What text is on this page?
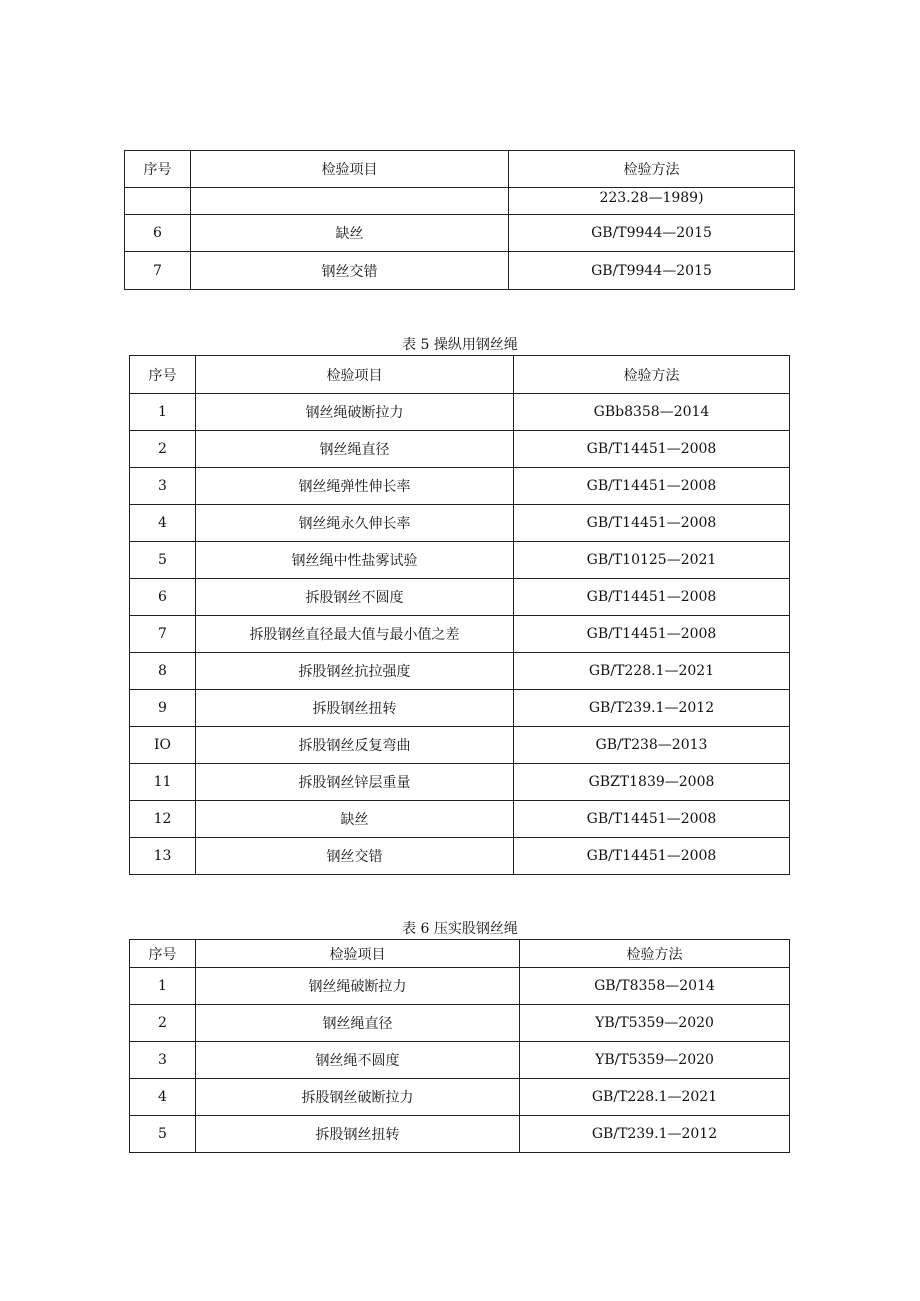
序号	检验项目	检验方法
		223.28—1989)
6	缺丝	GB/T9944—2015
7	钢丝交错	GB/T9944—2015
表 5 操纵用钢丝绳
序号	检验项目	检验方法
1	钢丝绳破断拉力	GBb8358—2014
2	钢丝绳直径	GB/T14451—2008
3	钢丝绳弹性伸长率	GB/T14451—2008
4	钢丝绳永久伸长率	GB/T14451—2008
5	钢丝绳中性盐雾试验	GB/T10125—2021
6	拆股钢丝不圆度	GB/T14451—2008
7	拆股钢丝直径最大值与最小值之差	GB/T14451—2008
8	拆股钢丝抗拉强度	GB/T228.1—2021
9	拆股钢丝扭转	GB/T239.1—2012
IO	拆股钢丝反复弯曲	GB/T238—2013
11	拆股钢丝锌层重量	GBZT1839—2008
12	缺丝	GB/T14451—2008
13	钢丝交错	GB/T14451—2008
表 6 压实股钢丝绳
序号	检验项目	检验方法
1	钢丝绳破断拉力	GB/T8358—2014
2	钢丝绳直径	YB/T5359—2020
3	钢丝绳不圆度	YB/T5359—2020
4	拆股钢丝破断拉力	GB/T228.1—2021
5	拆股钢丝扭转	GB/T239.1—2012
